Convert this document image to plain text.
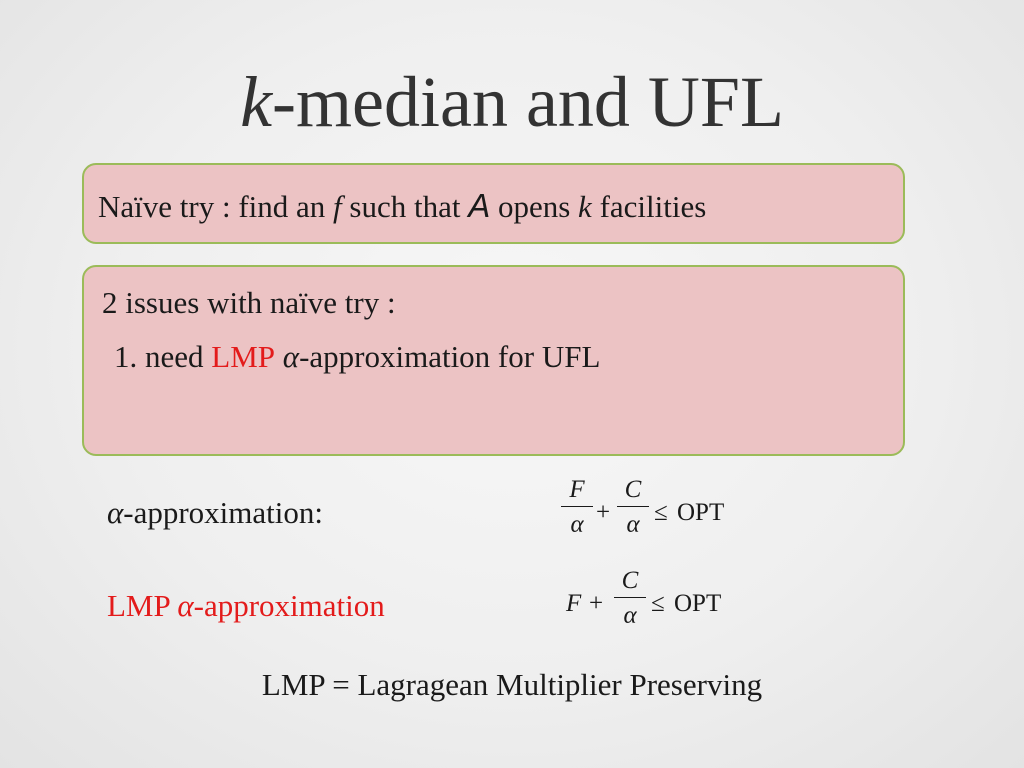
k-median and UFL
Naïve try : find an f such that A opens k facilities
2 issues with naïve try :
1. need LMP α-approximation for UFL
α-approximation:
F
α +
C
α ≤ OPT
LMP α-approximation	F +
C
α ≤ OPT
LMP = Lagragean Multiplier Preserving
